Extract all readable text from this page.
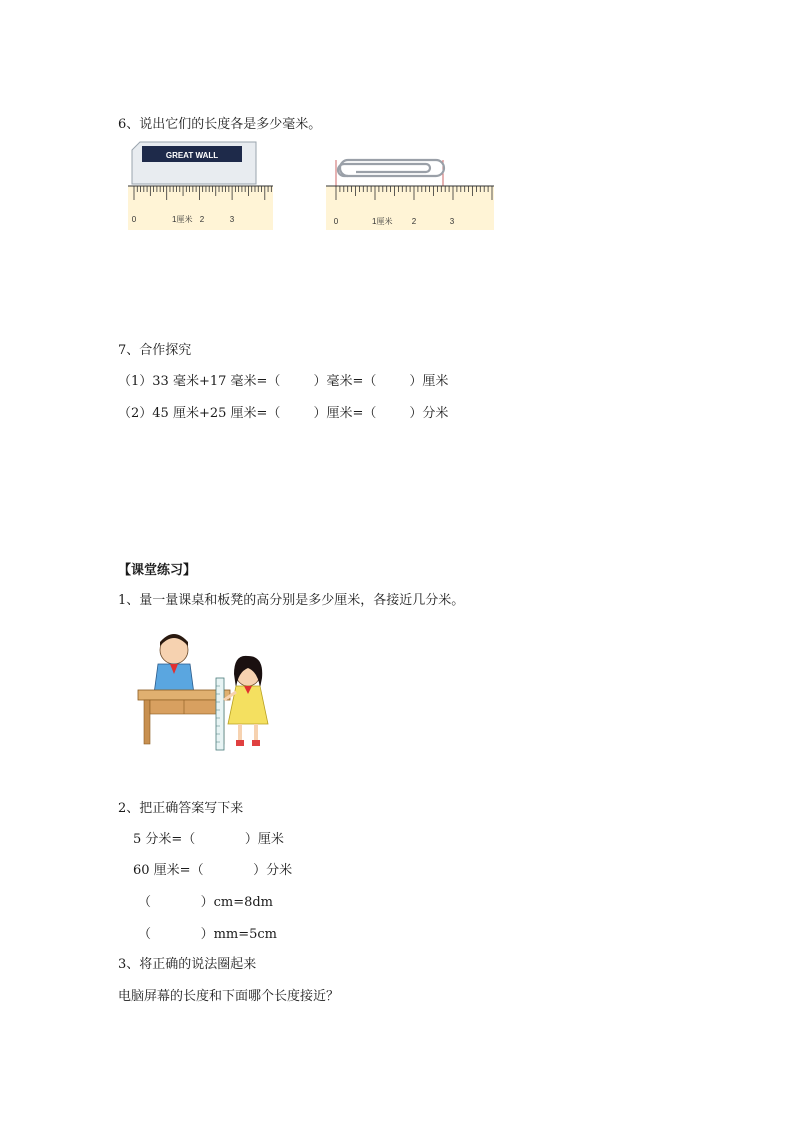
6、说出它们的长度各是多少毫米。
GREAT WALL
0	1厘米 2	3	0	1厘米 2	3
7、合作探究
（1）33 毫米+17 毫米=（        ）毫米=（        ）厘米
（2）45 厘米+25 厘米=（        ）厘米=（        ）分米
【课堂练习】
1、量一量课桌和板凳的高分别是多少厘米，各接近几分米。
2、把正确答案写下来
5 分米=（            ）厘米
60 厘米=（            ）分米
（            ）cm=8dm
（            ）mm=5cm
3、将正确的说法圈起来
电脑屏幕的长度和下面哪个长度接近？
